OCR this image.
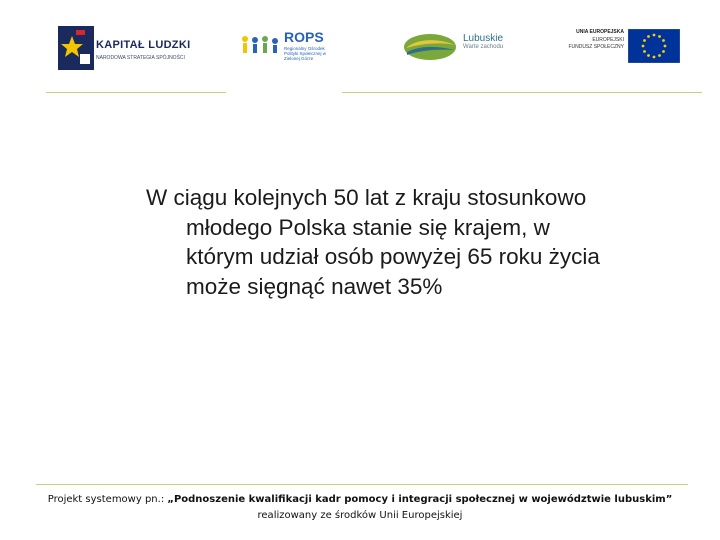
KAPITAŁ LUDZKI
NARODOWA STRATEGIA SPÓJNOŚCI
ROPS
Regionalny Ośrodek Polityki Społecznej w Zielonej Górze
Lubuskie
Warte zachodu
UNIA EUROPEJSKA
EUROPEJSKI
FUNDUSZ SPOŁECZNY
W ciągu kolejnych 50 lat z kraju stosunkowo młodego Polska stanie się krajem, w którym udział osób powyżej 65 roku życia może sięgnąć nawet 35%
Projekt systemowy pn.: „Podnoszenie kwalifikacji kadr pomocy i integracji społecznej w województwie lubuskim”
realizowany ze środków Unii Europejskiej
